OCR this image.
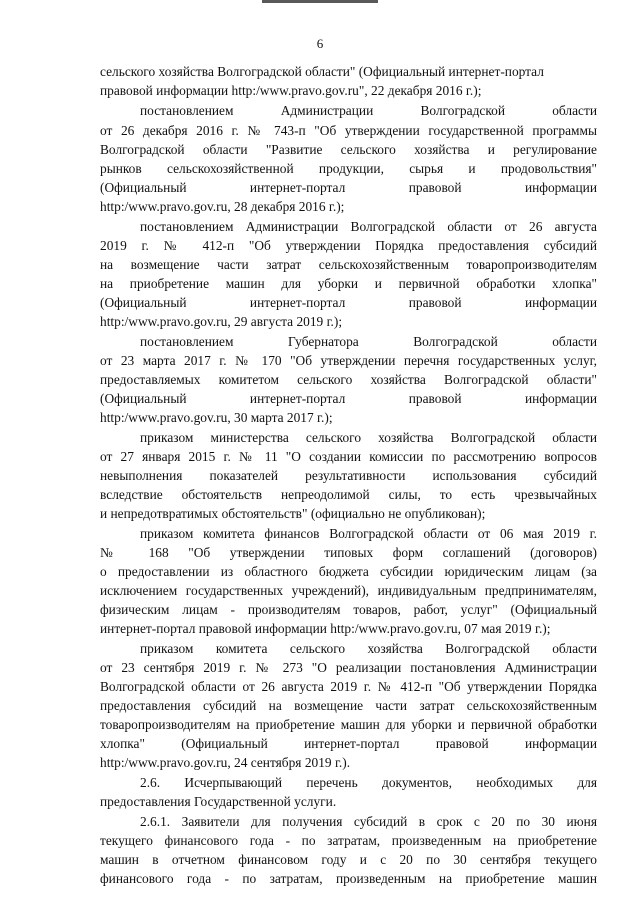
6
сельского хозяйства Волгоградской области" (Официальный интернет-портал
правовой информации http:/www.pravo.gov.ru", 22 декабря 2016 г.);
постановлением Администрации Волгоградской области
от 26 декабря 2016 г. № 743-п "Об утверждении государственной программы
Волгоградской области "Развитие сельского хозяйства и регулирование
рынков сельскохозяйственной продукции, сырья и продовольствия"
(Официальный интернет-портал правовой информации
http:/www.pravo.gov.ru, 28 декабря 2016 г.);
постановлением Администрации Волгоградской области от 26 августа
2019 г. № 412-п "Об утверждении Порядка предоставления субсидий
на возмещение части затрат сельскохозяйственным товаропроизводителям
на приобретение машин для уборки и первичной обработки хлопка"
(Официальный интернет-портал правовой информации
http:/www.pravo.gov.ru, 29 августа 2019 г.);
постановлением Губернатора Волгоградской области
от 23 марта 2017 г. № 170 "Об утверждении перечня государственных услуг,
предоставляемых комитетом сельского хозяйства Волгоградской области"
(Официальный интернет-портал правовой информации
http:/www.pravo.gov.ru, 30 марта 2017 г.);
приказом министерства сельского хозяйства Волгоградской области
от 27 января 2015 г. № 11 "О создании комиссии по рассмотрению вопросов
невыполнения показателей результативности использования субсидий
вследствие обстоятельств непреодолимой силы, то есть чрезвычайных
и непредотвратимых обстоятельств" (официально не опубликован);
приказом комитета финансов Волгоградской области от 06 мая 2019 г.
№ 168 "Об утверждении типовых форм соглашений (договоров)
о предоставлении из областного бюджета субсидии юридическим лицам (за
исключением государственных учреждений), индивидуальным предпринимателям,
физическим лицам - производителям товаров, работ, услуг" (Официальный
интернет-портал правовой информации http:/www.pravo.gov.ru, 07 мая 2019 г.);
приказом комитета сельского хозяйства Волгоградской области
от 23 сентября 2019 г. № 273 "О реализации постановления Администрации
Волгоградской области от 26 августа 2019 г. № 412-п "Об утверждении Порядка
предоставления субсидий на возмещение части затрат сельскохозяйственным
товаропроизводителям на приобретение машин для уборки и первичной обработки
хлопка" (Официальный интернет-портал правовой информации
http:/www.pravo.gov.ru, 24 сентября 2019 г.).
2.6. Исчерпывающий перечень документов, необходимых для
предоставления Государственной услуги.
2.6.1. Заявители для получения субсидий в срок с 20 по 30 июня
текущего финансового года - по затратам, произведенным на приобретение
машин в отчетном финансовом году и с 20 по 30 сентября текущего
финансового года - по затратам, произведенным на приобретение машин
